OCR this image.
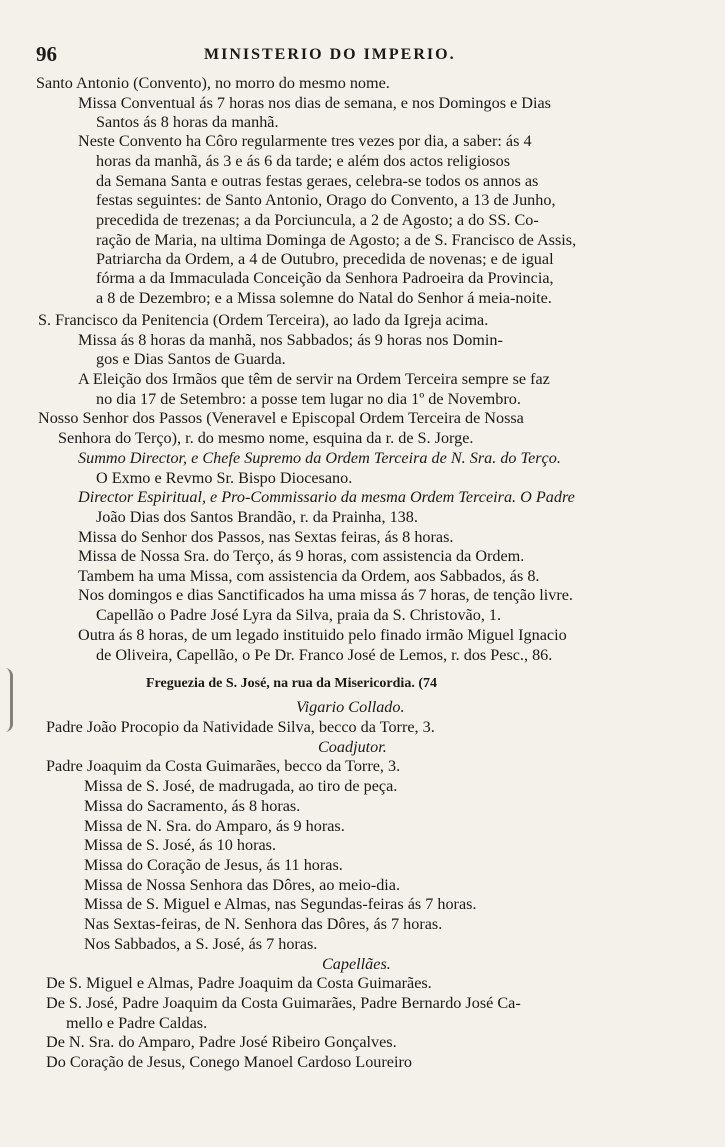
96	MINISTERIO DO IMPERIO.
Santo Antonio (Convento), no morro do mesmo nome.
Missa Conventual ás 7 horas nos dias de semana, e nos Domingos e Dias
Santos ás 8 horas da manhã.
Neste Convento ha Côro regularmente tres vezes por dia, a saber: ás 4
horas da manhã, ás 3 e ás 6 da tarde; e além dos actos religiosos
da Semana Santa e outras festas geraes, celebra-se todos os annos as
festas seguintes: de Santo Antonio, Orago do Convento, a 13 de Junho,
precedida de trezenas; a da Porciuncula, a 2 de Agosto; a do SS. Co-
ração de Maria, na ultima Dominga de Agosto; a de S. Francisco de Assis,
Patriarcha da Ordem, a 4 de Outubro, precedida de novenas; e de igual
fórma a da Immaculada Conceição da Senhora Padroeira da Provincia,
a 8 de Dezembro; e a Missa solemne do Natal do Senhor á meia-noite.
S. Francisco da Penitencia (Ordem Terceira), ao lado da Igreja acima.
Missa ás 8 horas da manhã, nos Sabbados; ás 9 horas nos Domin-
gos e Dias Santos de Guarda.
A Eleição dos Irmãos que têm de servir na Ordem Terceira sempre se faz
no dia 17 de Setembro: a posse tem lugar no dia 1º de Novembro.
Nosso Senhor dos Passos (Veneravel e Episcopal Ordem Terceira de Nossa
Senhora do Terço), r. do mesmo nome, esquina da r. de S. Jorge.
Summo Director, e Chefe Supremo da Ordem Terceira de N. Sra. do Terço.
O Exmo e Revmo Sr. Bispo Diocesano.
Director Espiritual, e Pro-Commissario da mesma Ordem Terceira. O Padre
João Dias dos Santos Brandão, r. da Prainha, 138.
Missa do Senhor dos Passos, nas Sextas feiras, ás 8 horas.
Missa de Nossa Sra. do Terço, ás 9 horas, com assistencia da Ordem.
Tambem ha uma Missa, com assistencia da Ordem, aos Sabbados, ás 8.
Nos domingos e dias Sanctificados ha uma missa ás 7 horas, de tenção livre.
Capellão o Padre José Lyra da Silva, praia da S. Christovão, 1.
Outra ás 8 horas, de um legado instituido pelo finado irmão Miguel Ignacio
de Oliveira, Capellão, o Pe Dr. Franco José de Lemos, r. dos Pesc., 86.
Freguezia de S. José, na rua da Misericordia. (74
Vigario Collado.
Padre João Procopio da Natividade Silva, becco da Torre, 3.
Coadjutor.
Padre Joaquim da Costa Guimarães, becco da Torre, 3.
Missa de S. José, de madrugada, ao tiro de peça.
Missa do Sacramento, ás 8 horas.
Missa de N. Sra. do Amparo, ás 9 horas.
Missa de S. José, ás 10 horas.
Missa do Coração de Jesus, ás 11 horas.
Missa de Nossa Senhora das Dôres, ao meio-dia.
Missa de S. Miguel e Almas, nas Segundas-feiras ás 7 horas.
Nas Sextas-feiras, de N. Senhora das Dôres, ás 7 horas.
Nos Sabbados, a S. José, ás 7 horas.
Capellães.
De S. Miguel e Almas, Padre Joaquim da Costa Guimarães.
De S. José, Padre Joaquim da Costa Guimarães, Padre Bernardo José Ca-
mello e Padre Caldas.
De N. Sra. do Amparo, Padre José Ribeiro Gonçalves.
Do Coração de Jesus, Conego Manoel Cardoso Loureiro
